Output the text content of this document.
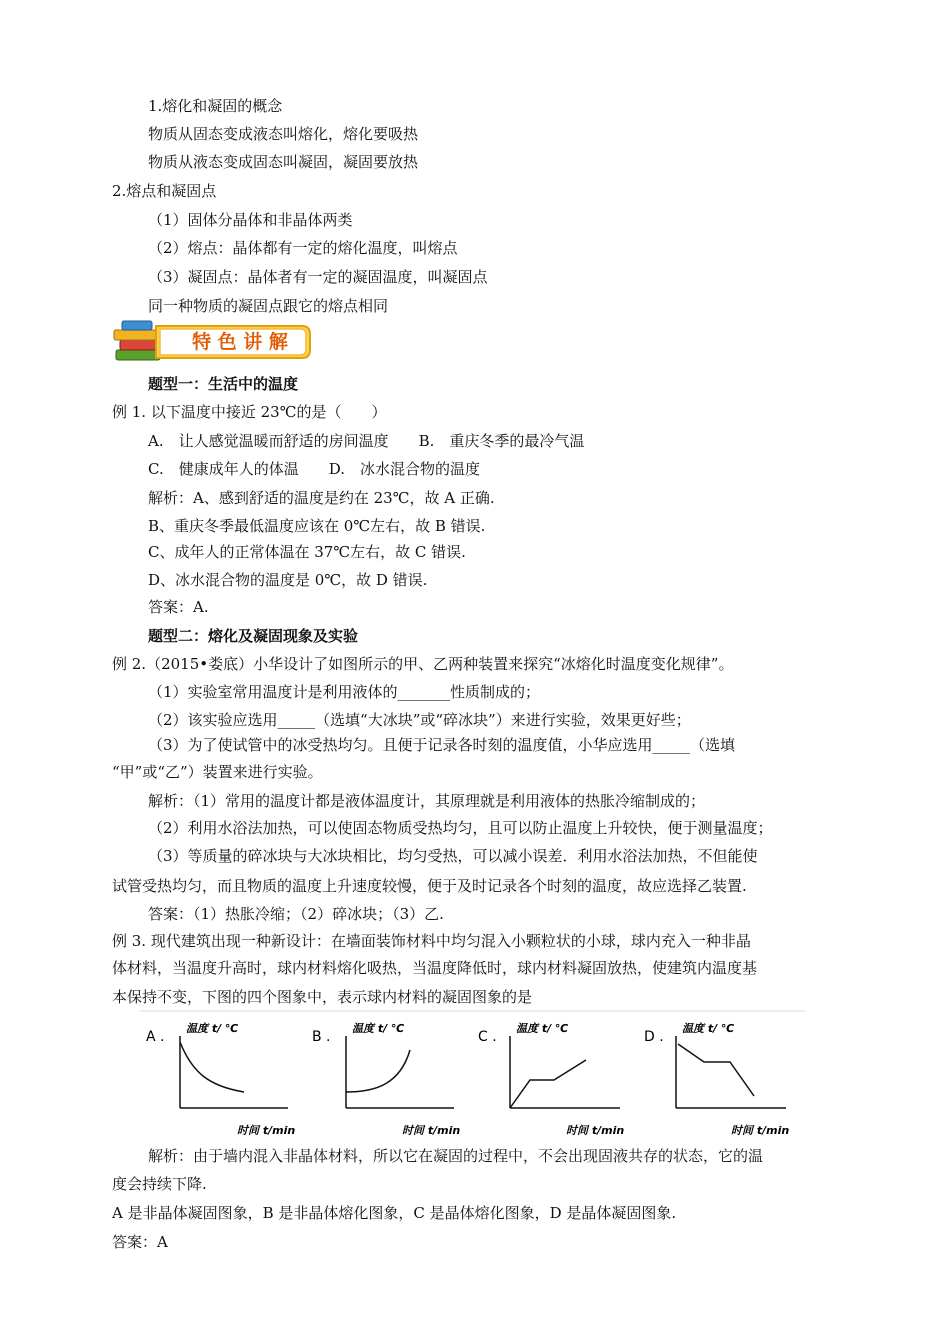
1.熔化和凝固的概念
物质从固态变成液态叫熔化，熔化要吸热
物质从液态变成固态叫凝固，凝固要放热
2.熔点和凝固点
（1）固体分晶体和非晶体两类
（2）熔点：晶体都有一定的熔化温度，叫熔点
（3）凝固点：晶体者有一定的凝固温度，叫凝固点
同一种物质的凝固点跟它的熔点相同
特 色 讲 解
题型一：生活中的温度
例 1. 以下温度中接近 23℃的是（　　）
A.　让人感觉温暖而舒适的房间温度　　B.　重庆冬季的最冷气温
C.　健康成年人的体温　　D.　冰水混合物的温度
解析：A、感到舒适的温度是约在 23℃，故 A 正确.
B、重庆冬季最低温度应该在 0℃左右，故 B 错误.
C、成年人的正常体温在 37℃左右，故 C 错误.
D、冰水混合物的温度是 0℃，故 D 错误.
答案：A.
题型二：熔化及凝固现象及实验
例 2.（2015•娄底）小华设计了如图所示的甲、乙两种装置来探究“冰熔化时温度变化规律”。
（1）实验室常用温度计是利用液体的_______性质制成的；
（2）该实验应选用_____（选填“大冰块”或“碎冰块”）来进行实验，效果更好些；
（3）为了使试管中的冰受热均匀。且便于记录各时刻的温度值，小华应选用_____（选填
“甲”或“乙”）装置来进行实验。
解析：（1）常用的温度计都是液体温度计，其原理就是利用液体的热胀冷缩制成的；
（2）利用水浴法加热，可以使固态物质受热均匀，且可以防止温度上升较快，便于测量温度；
（3）等质量的碎冰块与大冰块相比，均匀受热，可以减小误差．利用水浴法加热，不但能使
试管受热均匀，而且物质的温度上升速度较慢，便于及时记录各个时刻的温度，故应选择乙装置.
答案：（1）热胀冷缩；（2）碎冰块；（3）乙.
例 3. 现代建筑出现一种新设计：在墙面装饰材料中均匀混入小颗粒状的小球，球内充入一种非晶
体材料，当温度升高时，球内材料熔化吸热，当温度降低时，球内材料凝固放热，使建筑内温度基
本保持不变，下图的四个图象中，表示球内材料的凝固图象的是
A .
温度 t/ ℃
时间 t/min
B .
温度 t/ ℃
时间 t/min
C .
温度 t/ ℃
时间 t/min
D .
温度 t/ ℃
时间 t/min
解析：由于墙内混入非晶体材料，所以它在凝固的过程中，不会出现固液共存的状态，它的温
度会持续下降.
A 是非晶体凝固图象，B 是非晶体熔化图象，C 是晶体熔化图象，D 是晶体凝固图象.
答案：A
